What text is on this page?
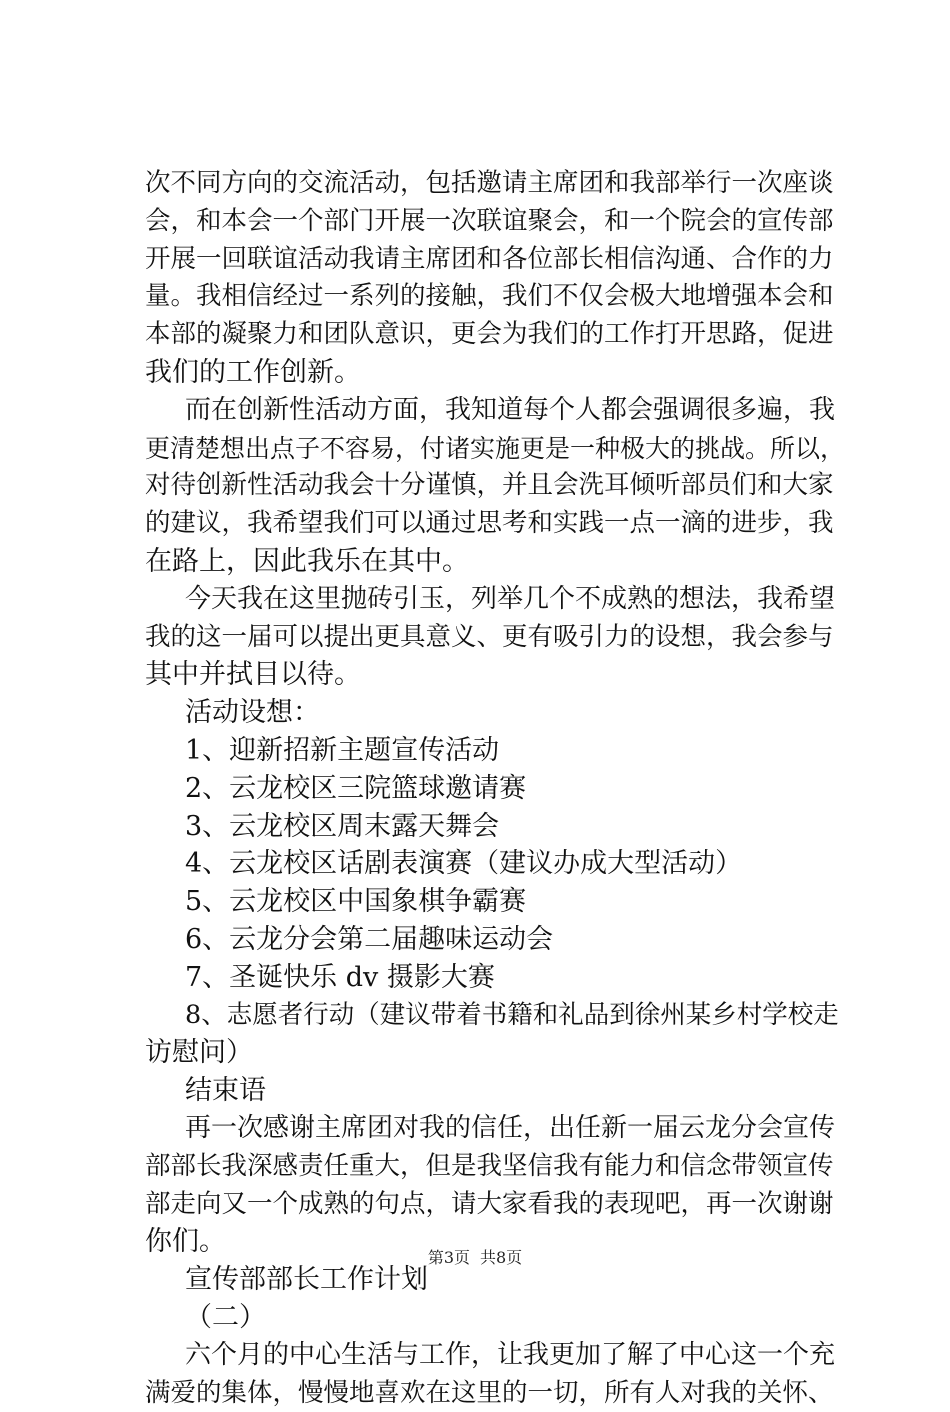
次不同方向的交流活动，包括邀请主席团和我部举行一次座谈
会，和本会一个部门开展一次联谊聚会，和一个院会的宣传部
开展一回联谊活动我请主席团和各位部长相信沟通、合作的力
量。我相信经过一系列的接触，我们不仅会极大地增强本会和
本部的凝聚力和团队意识，更会为我们的工作打开思路，促进
我们的工作创新。
而在创新性活动方面，我知道每个人都会强调很多遍，我
更清楚想出点子不容易，付诸实施更是一种极大的挑战。所以，
对待创新性活动我会十分谨慎，并且会洗耳倾听部员们和大家
的建议，我希望我们可以通过思考和实践一点一滴的进步，我
在路上，因此我乐在其中。
今天我在这里抛砖引玉，列举几个不成熟的想法，我希望
我的这一届可以提出更具意义、更有吸引力的设想，我会参与
其中并拭目以待。
活动设想：
1、迎新招新主题宣传活动
2、云龙校区三院篮球邀请赛
3、云龙校区周末露天舞会
4、云龙校区话剧表演赛（建议办成大型活动）
5、云龙校区中国象棋争霸赛
6、云龙分会第二届趣味运动会
7、圣诞快乐 dv 摄影大赛
8、志愿者行动（建议带着书籍和礼品到徐州某乡村学校走
访慰问）
结束语
再一次感谢主席团对我的信任，出任新一届云龙分会宣传
部部长我深感责任重大，但是我坚信我有能力和信念带领宣传
部走向又一个成熟的句点，请大家看我的表现吧，再一次谢谢
你们。
宣传部部长工作计划
（二）
六个月的中心生活与工作，让我更加了解了中心这一个充
满爱的集体，慢慢地喜欢在这里的一切，所有人对我的关怀、
第3页 共8页
